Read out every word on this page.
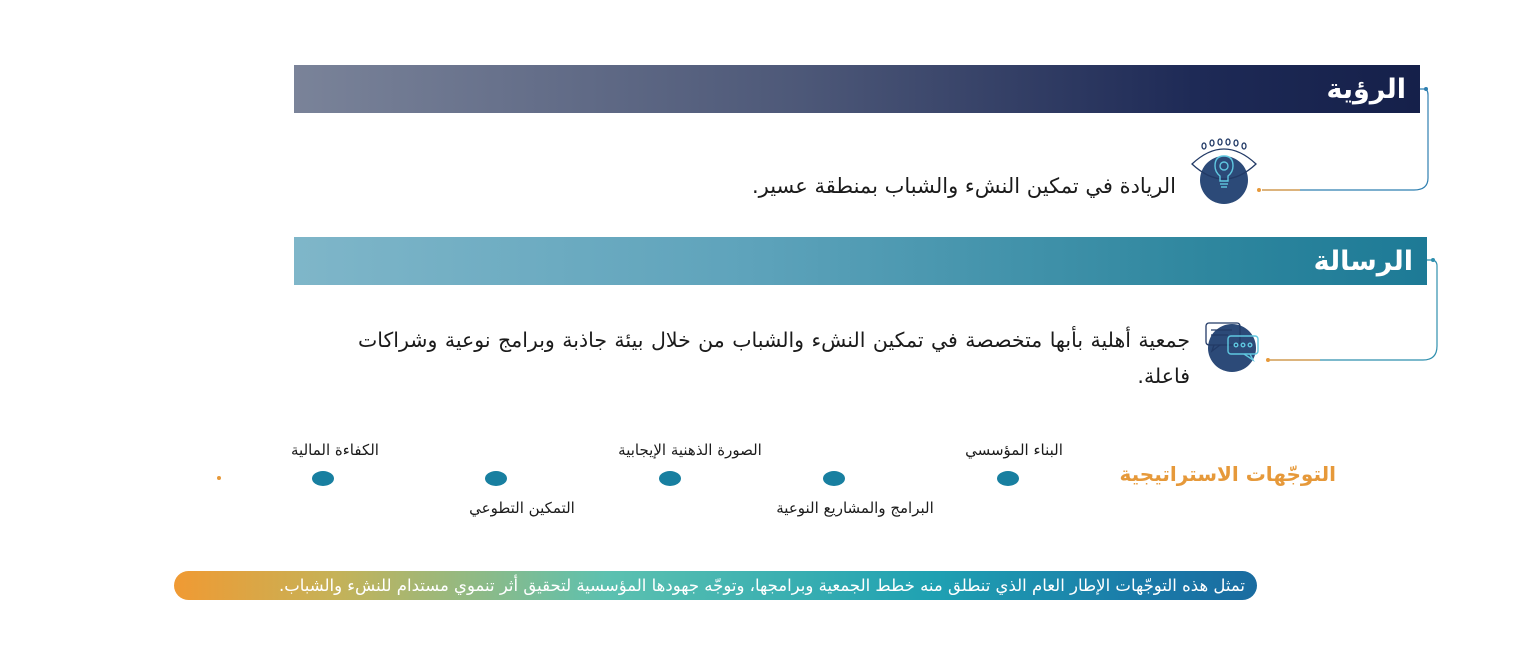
الرؤية
الريادة في تمكين النشء والشباب بمنطقة عسير.
الرسالة
جمعية أهلية بأبها متخصصة في تمكين النشء والشباب من خلال بيئة جاذبة وبرامج نوعية وشراكات فاعلة.
التوجّهات الاستراتيجية
البناء المؤسسي
البرامج والمشاريع النوعية
الصورة الذهنية الإيجابية
التمكين التطوعي
الكفاءة المالية
تمثل هذه التوجّهات الإطار العام الذي تنطلق منه خطط الجمعية وبرامجها، وتوجّه جهودها المؤسسية لتحقيق أثر تنموي مستدام للنشء والشباب.
